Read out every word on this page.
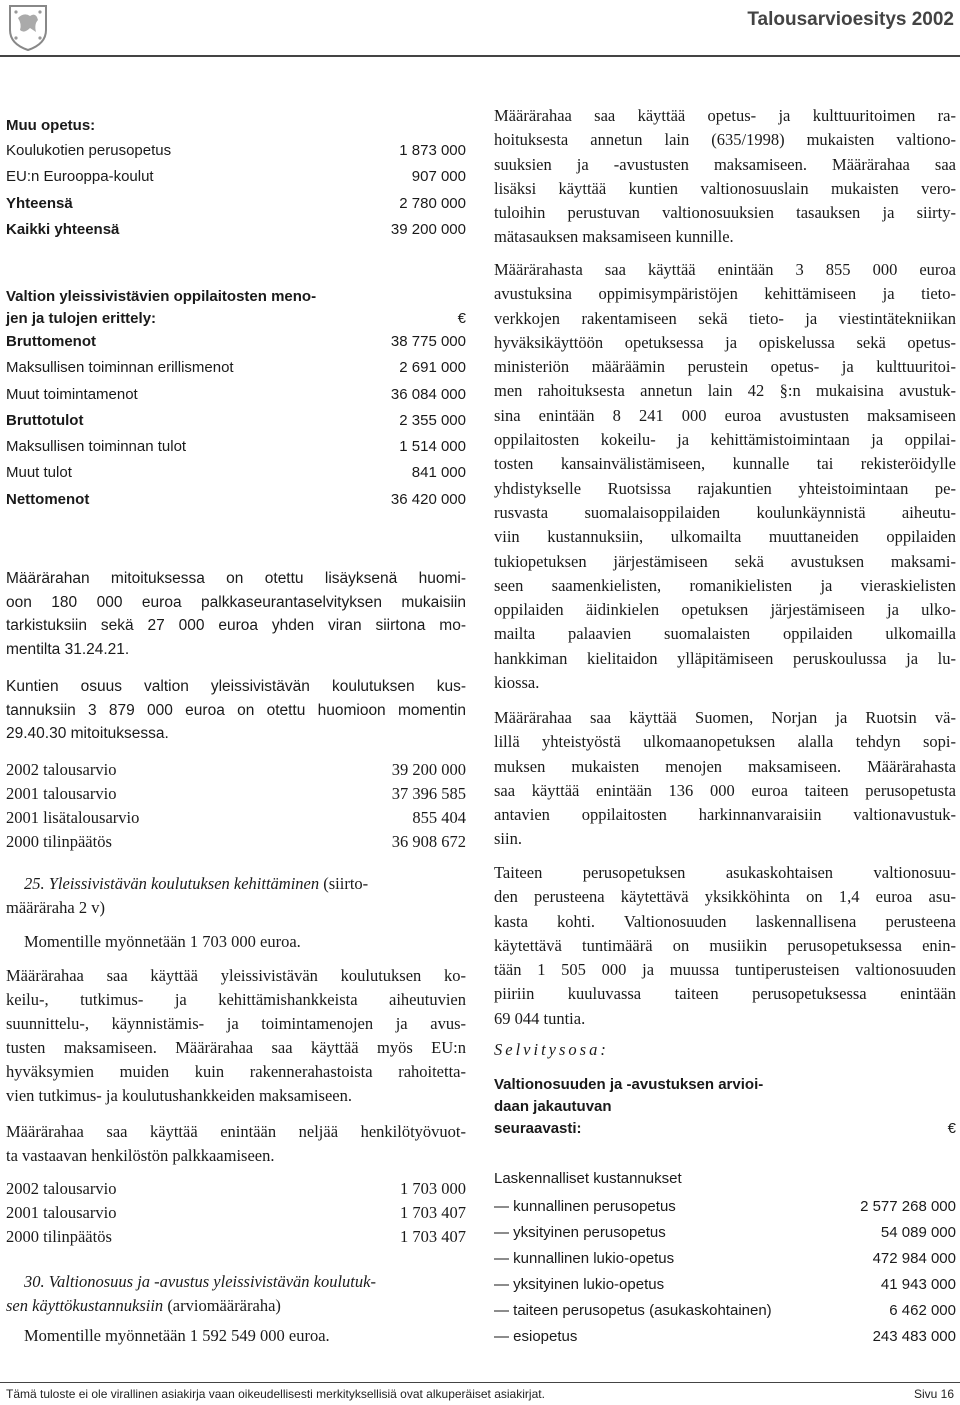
Talousarvioesitys 2002
Muu opetus:
Koulukotien perusopetus	1 873 000
EU:n Eurooppa-koulut	907 000
Yhteensä	2 780 000
Kaikki yhteensä	39 200 000
Valtion yleissivistävien oppilaitosten meno-
jen ja tulojen erittely:	€
Bruttomenot	38 775 000
Maksullisen toiminnan erillismenot	2 691 000
Muut toimintamenot	36 084 000
Bruttotulot	2 355 000
Maksullisen toiminnan tulot	1 514 000
Muut tulot	841 000
Nettomenot	36 420 000
Määrärahan mitoituksessa on otettu lisäyksenä huomi-
oon 180 000 euroa palkkaseurantaselvityksen mukaisiin
tarkistuksiin sekä 27 000 euroa yhden viran siirtona mo-
mentilta 31.24.21.
Kuntien osuus valtion yleissivistävän koulutuksen kus-
tannuksiin 3 879 000 euroa on otettu huomioon momentin
29.40.30 mitoituksessa.
2002 talousarvio	39 200 000
2001 talousarvio	37 396 585
2001 lisätalousarvio	855 404
2000 tilinpäätös	36 908 672
25. Yleissivistävän koulutuksen kehittäminen (siirto-
määräraha 2 v)
Momentille myönnetään 1 703 000 euroa.
Määrärahaa saa käyttää yleissivistävän koulutuksen ko-
keilu-, tutkimus- ja kehittämishankkeista aiheutuvien
suunnittelu-, käynnistämis- ja toimintamenojen ja avus-
tusten maksamiseen. Määrärahaa saa käyttää myös EU:n
hyväksymien muiden kuin rakennerahastoista rahoitetta-
vien tutkimus- ja koulutushankkeiden maksamiseen.
Määrärahaa saa käyttää enintään neljää henkilötyövuot-
ta vastaavan henkilöstön palkkaamiseen.
2002 talousarvio	1 703 000
2001 talousarvio	1 703 407
2000 tilinpäätös	1 703 407
30. Valtionosuus ja -avustus yleissivistävän koulutuk-
sen käyttökustannuksiin (arviomääräraha)
Momentille myönnetään 1 592 549 000 euroa.
Määrärahaa saa käyttää opetus- ja kulttuuritoimen ra-
hoituksesta annetun lain (635/1998) mukaisten valtiono-
suuksien ja -avustusten maksamiseen. Määrärahaa saa
lisäksi käyttää kuntien valtionosuuslain mukaisten vero-
tuloihin perustuvan valtionosuuksien tasauksen ja siirty-
mätasauksen maksamiseen kunnille.
Määrärahasta saa käyttää enintään 3 855 000 euroa
avustuksina oppimisympäristöjen kehittämiseen ja tieto-
verkkojen rakentamiseen sekä tieto- ja viestintätekniikan
hyväksikäyttöön opetuksessa ja opiskelussa sekä opetus-
ministeriön määräämin perustein opetus- ja kulttuuritoi-
men rahoituksesta annetun lain 42 §:n mukaisina avustuk-
sina enintään 8 241 000 euroa avustusten maksamiseen
oppilaitosten kokeilu- ja kehittämistoimintaan ja oppilai-
tosten kansainvälistämiseen, kunnalle tai rekisteröidylle
yhdistykselle Ruotsissa rajakuntien yhteistoimintaan pe-
rusvasta suomalaisoppilaiden koulunkäynnistä aiheutu-
viin kustannuksiin, ulkomailta muuttaneiden oppilaiden
tukiopetuksen järjestämiseen sekä avustuksen maksami-
seen saamenkielisten, romanikielisten ja vieraskielisten
oppilaiden äidinkielen opetuksen järjestämiseen ja ulko-
mailta palaavien suomalaisten oppilaiden ulkomailla
hankkiman kielitaidon ylläpitämiseen peruskoulussa ja lu-
kiossa.
Määrärahaa saa käyttää Suomen, Norjan ja Ruotsin vä-
lillä yhteistyöstä ulkomaanopetuksen alalla tehdyn sopi-
muksen mukaisten menojen maksamiseen. Määrärahasta
saa käyttää enintään 136 000 euroa taiteen perusopetusta
antavien oppilaitosten harkinnanvaraisiin valtionavustuk-
siin.
Taiteen perusopetuksen asukaskohtaisen valtionosuu-
den perusteena käytettävä yksikköhinta on 1,4 euroa asu-
kasta kohti. Valtionosuuden laskennallisena perusteena
käytettävä tuntimäärä on musiikin perusopetuksessa enin-
tään 1 505 000 ja muussa tuntiperusteisen valtionosuuden
piiriin kuuluvassa taiteen perusopetuksessa enintään
69 044 tuntia.
Selvitysosa:
Valtionosuuden ja -avustuksen arvioi-
daan jakautuvan
seuraavasti:	€
Laskennalliset kustannukset
— kunnallinen perusopetus	2 577 268 000
— yksityinen perusopetus	54 089 000
— kunnallinen lukio-opetus	472 984 000
— yksityinen lukio-opetus	41 943 000
— taiteen perusopetus (asukaskohtainen)	6 462 000
— esiopetus	243 483 000
Tämä tuloste ei ole virallinen asiakirja vaan oikeudellisesti merkityksellisiä ovat alkuperäiset asiakirjat.	Sivu 16
